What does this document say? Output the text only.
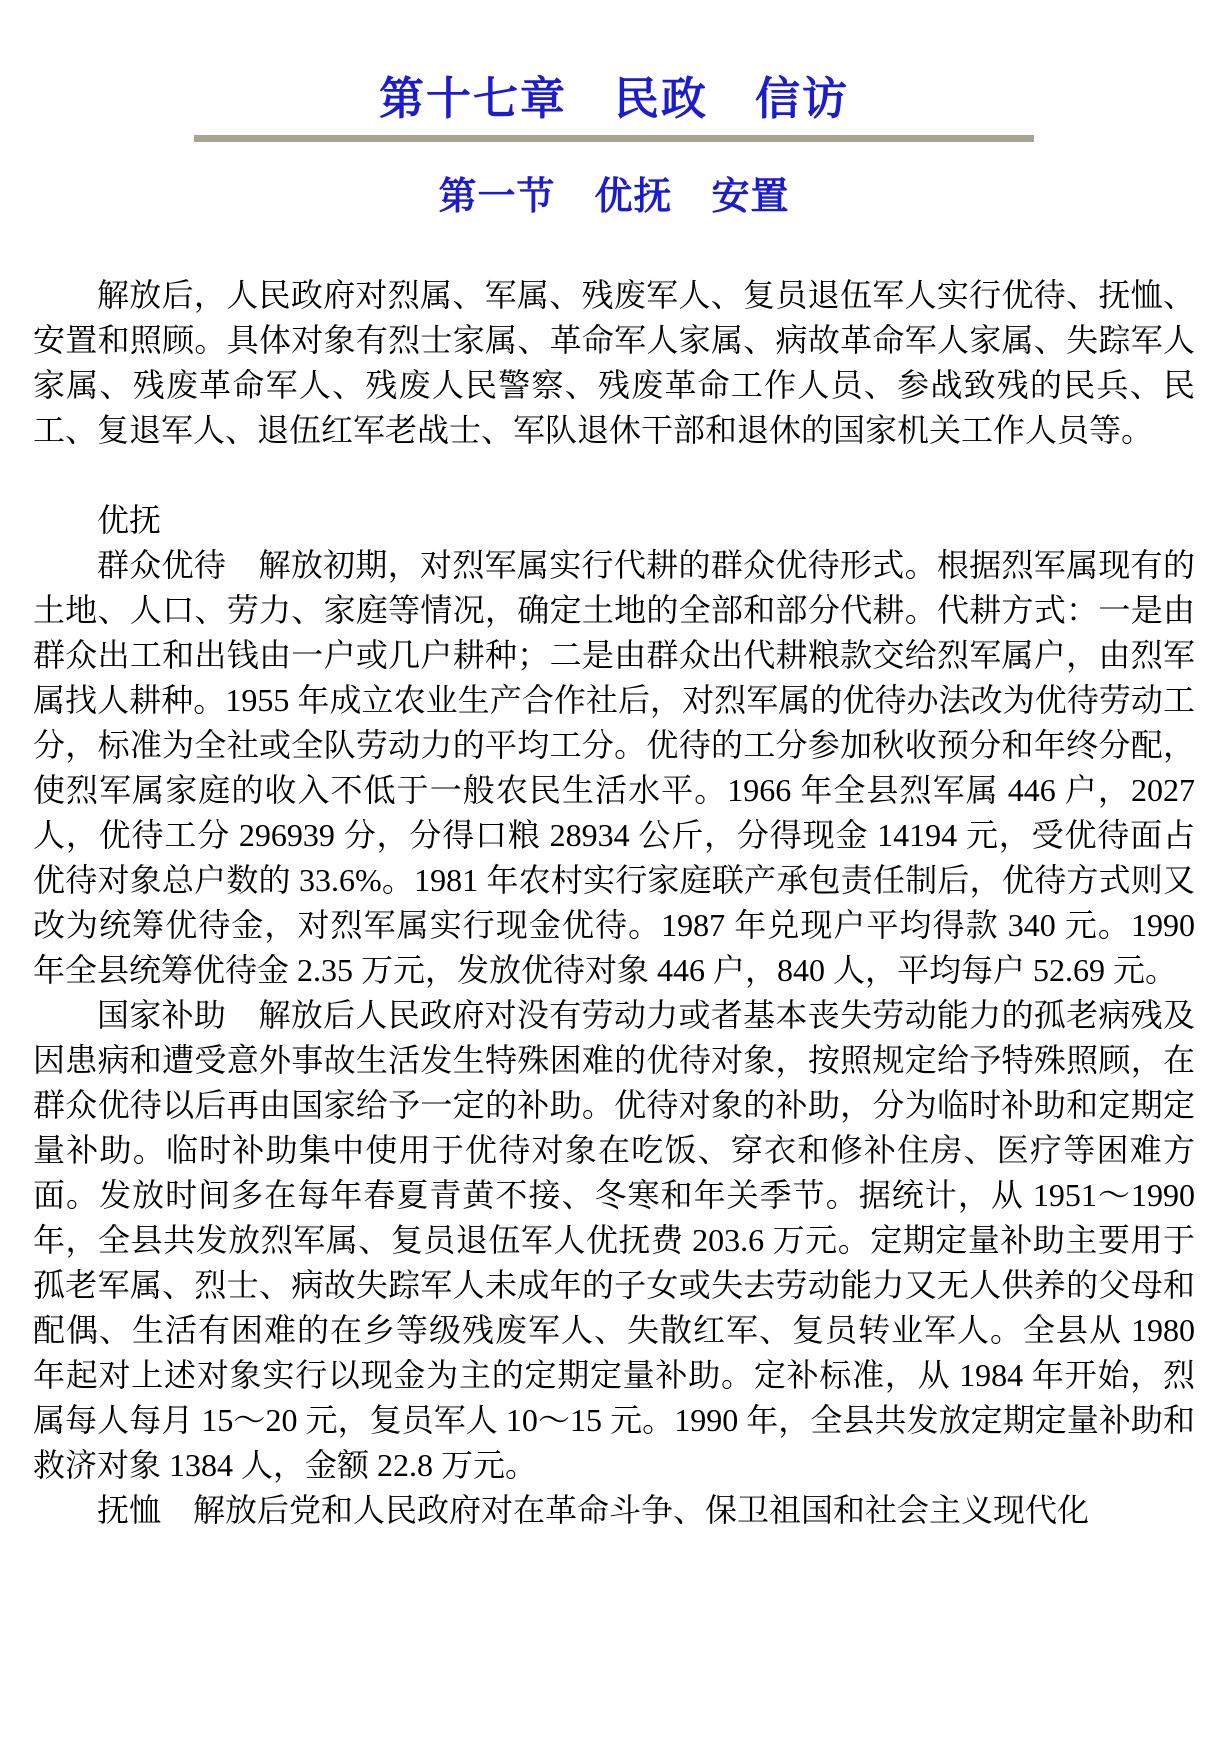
第十七章　民政　信访
第一节　优抚　安置

解放后，人民政府对烈属、军属、残废军人、复员退伍军人实行优待、抚恤、安置和照顾。具体对象有烈士家属、革命军人家属、病故革命军人家属、失踪军人家属、残废革命军人、残废人民警察、残废革命工作人员、参战致残的民兵、民工、复退军人、退伍红军老战士、军队退休干部和退休的国家机关工作人员等。

优抚

群众优待　解放初期，对烈军属实行代耕的群众优待形式。根据烈军属现有的土地、人口、劳力、家庭等情况，确定土地的全部和部分代耕。代耕方式：一是由群众出工和出钱由一户或几户耕种；二是由群众出代耕粮款交给烈军属户，由烈军属找人耕种。1955 年成立农业生产合作社后，对烈军属的优待办法改为优待劳动工分，标准为全社或全队劳动力的平均工分。优待的工分参加秋收预分和年终分配，使烈军属家庭的收入不低于一般农民生活水平。1966 年全县烈军属 446 户，2027 人，优待工分 296939 分，分得口粮 28934 公斤，分得现金 14194 元，受优待面占优待对象总户数的 33.6%。1981 年农村实行家庭联产承包责任制后，优待方式则又改为统筹优待金，对烈军属实行现金优待。1987 年兑现户平均得款 340 元。1990 年全县统筹优待金 2.35 万元，发放优待对象 446 户，840 人，平均每户 52.69 元。

国家补助　解放后人民政府对没有劳动力或者基本丧失劳动能力的孤老病残及因患病和遭受意外事故生活发生特殊困难的优待对象，按照规定给予特殊照顾，在群众优待以后再由国家给予一定的补助。优待对象的补助，分为临时补助和定期定量补助。临时补助集中使用于优待对象在吃饭、穿衣和修补住房、医疗等困难方面。发放时间多在每年春夏青黄不接、冬寒和年关季节。据统计，从 1951～1990 年，全县共发放烈军属、复员退伍军人优抚费 203.6 万元。定期定量补助主要用于孤老军属、烈士、病故失踪军人未成年的子女或失去劳动能力又无人供养的父母和配偶、生活有困难的在乡等级残废军人、失散红军、复员转业军人。全县从 1980 年起对上述对象实行以现金为主的定期定量补助。定补标准，从 1984 年开始，烈属每人每月 15～20 元，复员军人 10～15 元。1990 年，全县共发放定期定量补助和救济对象 1384 人，金额 22.8 万元。

抚恤　解放后党和人民政府对在革命斗争、保卫祖国和社会主义现代化
